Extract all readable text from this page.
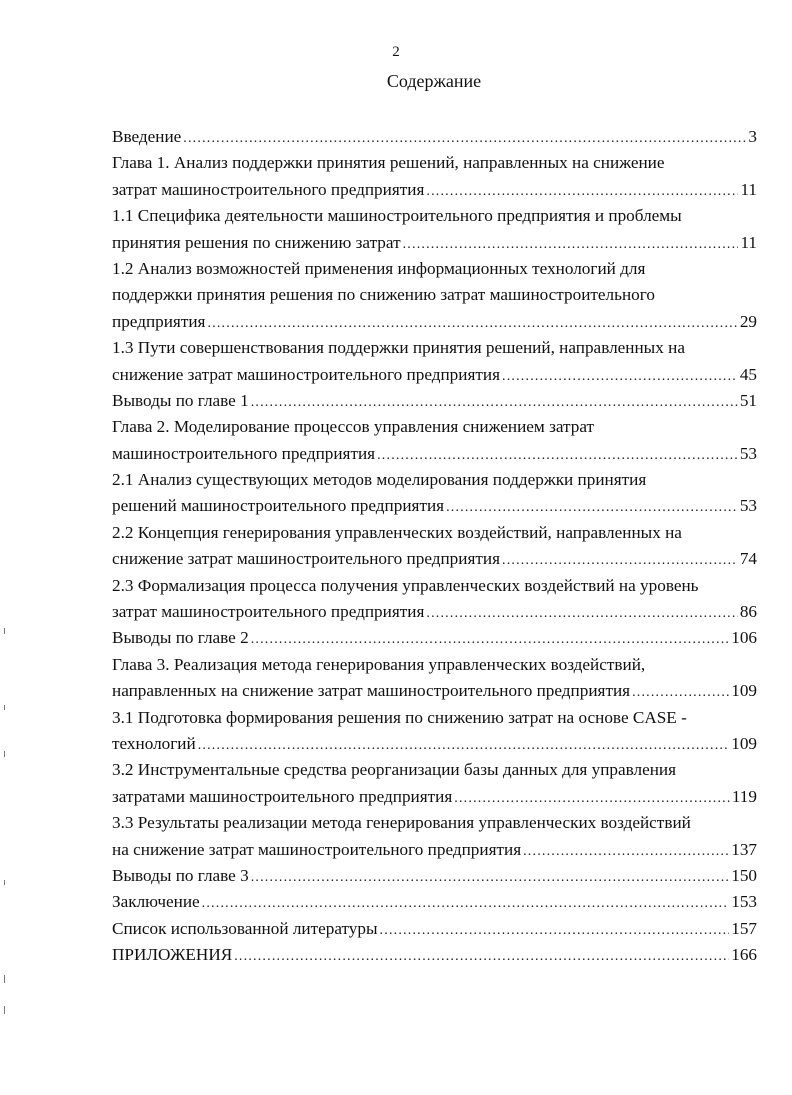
2
Содержание
Введение .....	3
Глава 1. Анализ поддержки принятия решений, направленных на снижение
затрат машиностроительного предприятия .....	11
1.1 Специфика деятельности машиностроительного предприятия и проблемы
принятия решения по снижению затрат .....	11
1.2 Анализ возможностей применения информационных технологий для
поддержки принятия решения по снижению затрат машиностроительного
предприятия .....	29
1.3 Пути совершенствования поддержки принятия решений, направленных на
снижение затрат машиностроительного предприятия .....	45
Выводы по главе 1 .....	51
Глава 2. Моделирование процессов управления снижением затрат
машиностроительного предприятия .....	53
2.1 Анализ существующих методов моделирования поддержки принятия
решений машиностроительного предприятия .....	53
2.2 Концепция генерирования управленческих воздействий, направленных на
снижение затрат машиностроительного предприятия .....	74
2.3 Формализация процесса получения управленческих воздействий на уровень
затрат машиностроительного предприятия .....	86
Выводы по главе 2 .....	106
Глава 3. Реализация метода генерирования управленческих воздействий,
направленных на снижение затрат машиностроительного предприятия .....	109
3.1 Подготовка формирования решения по снижению затрат на основе CASE -
технологий .....	109
3.2 Инструментальные средства реорганизации базы данных для управления
затратами машиностроительного предприятия .....	119
3.3 Результаты реализации метода генерирования управленческих воздействий
на снижение затрат машиностроительного предприятия .....	137
Выводы по главе 3 .....	150
Заключение .....	153
Список использованной литературы .....	157
ПРИЛОЖЕНИЯ .....	166
